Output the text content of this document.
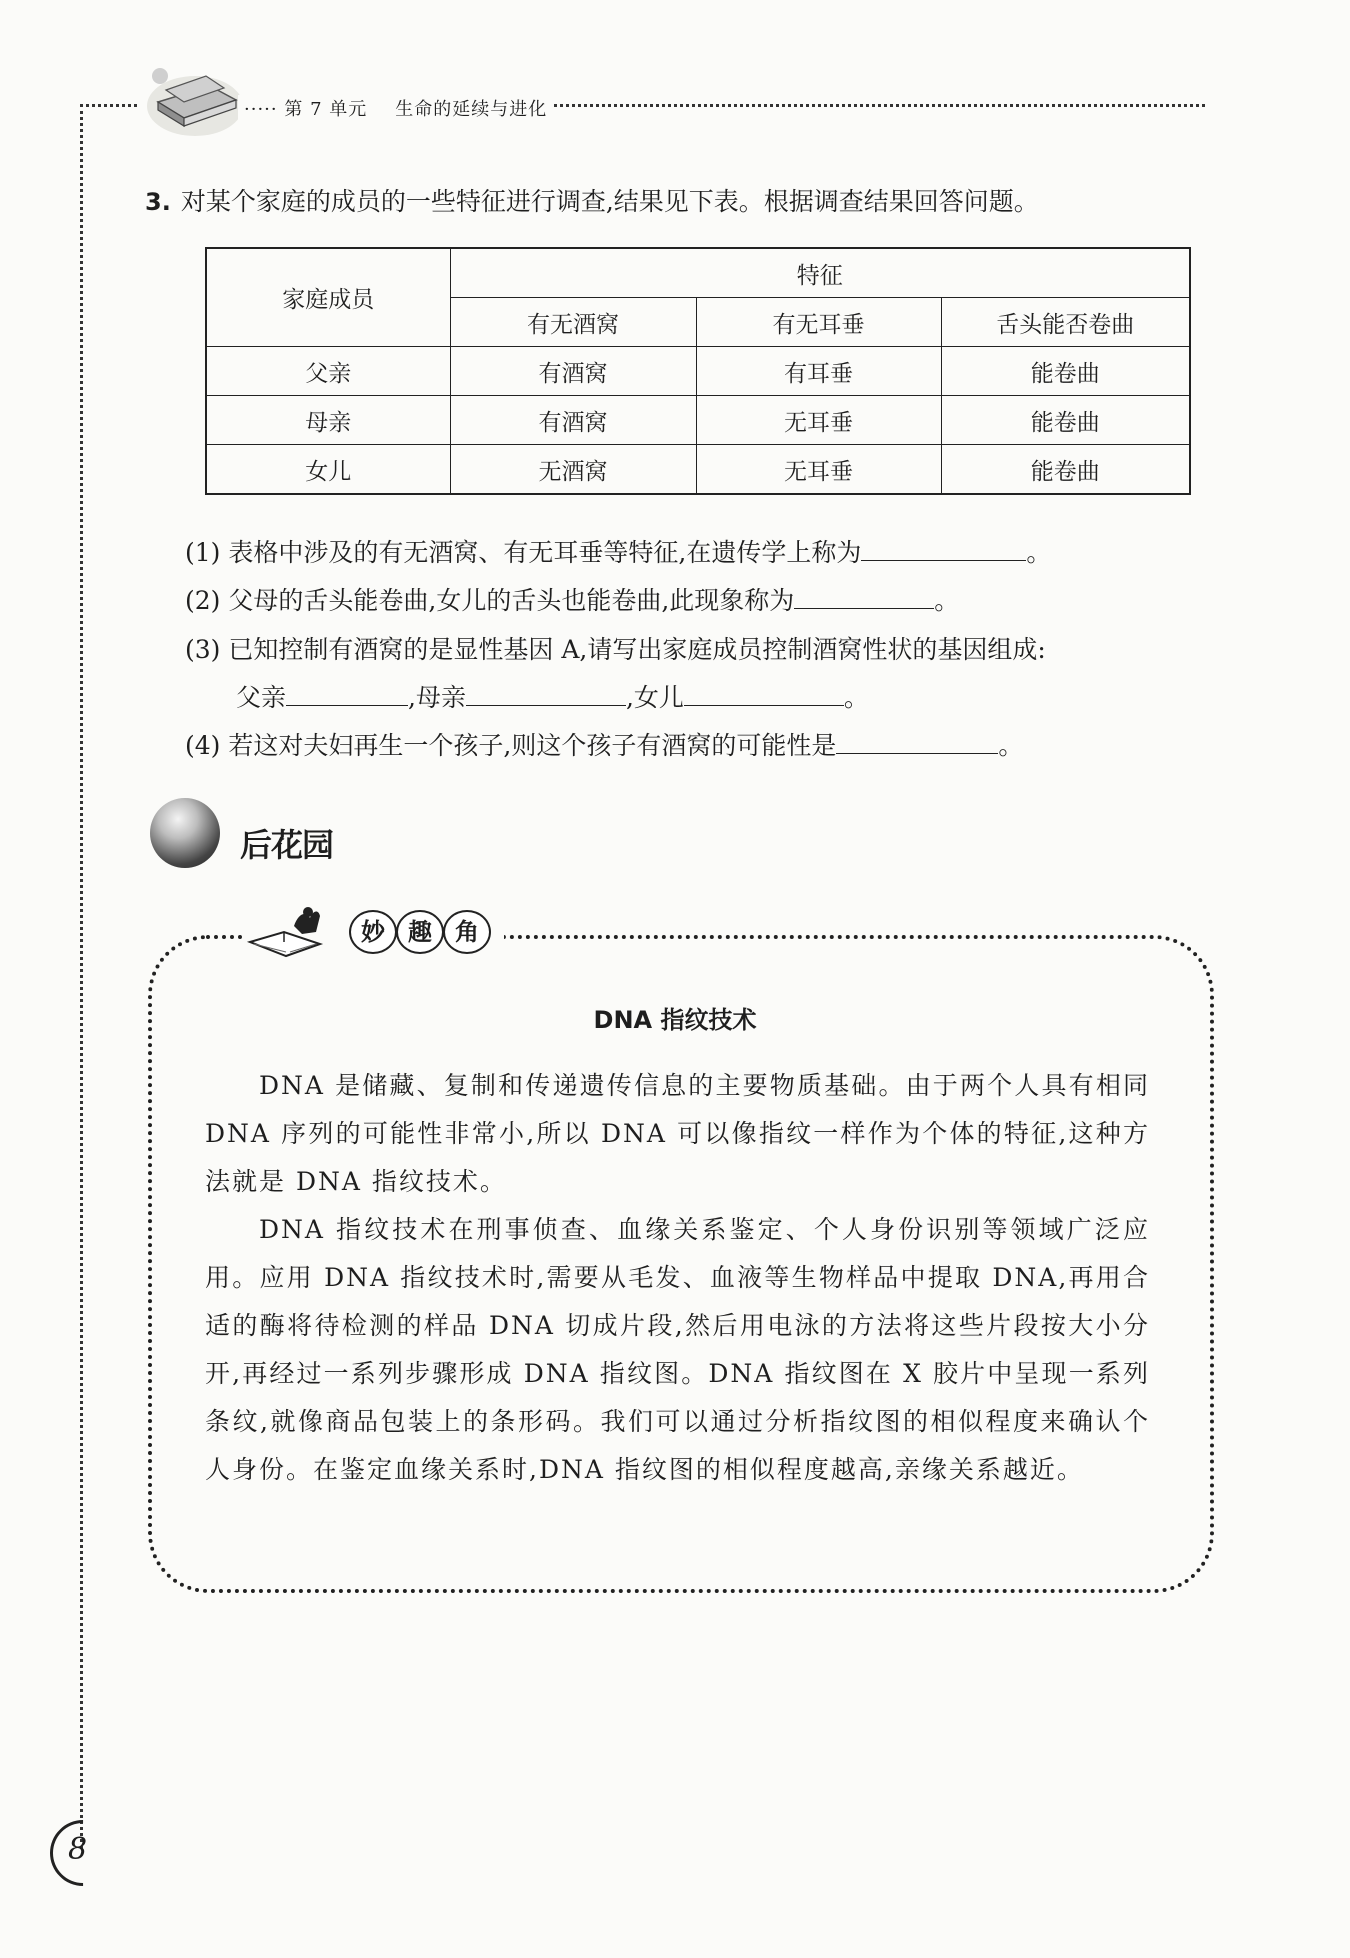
····· 第 7 单元 生命的延续与进化
3. 对某个家庭的成员的一些特征进行调查,结果见下表。根据调查结果回答问题。
家庭成员	特征		
	有无酒窝	有无耳垂	舌头能否卷曲
父亲	有酒窝	有耳垂	能卷曲
母亲	有酒窝	无耳垂	能卷曲
女儿	无酒窝	无耳垂	能卷曲
(1) 表格中涉及的有无酒窝、有无耳垂等特征,在遗传学上称为	。
(2) 父母的舌头能卷曲,女儿的舌头也能卷曲,此现象称为	。
(3) 已知控制有酒窝的是显性基因 A,请写出家庭成员控制酒窝性状的基因组成:
父亲	,母亲	,女儿	。
(4) 若这对夫妇再生一个孩子,则这个孩子有酒窝的可能性是	。
后花园
妙 趣 角
DNA 指纹技术
DNA 是储藏、复制和传递遗传信息的主要物质基础。由于两个人具有相同 DNA 序列的可能性非常小,所以 DNA 可以像指纹一样作为个体的特征,这种方法就是 DNA 指纹技术。
DNA 指纹技术在刑事侦查、血缘关系鉴定、个人身份识别等领域广泛应用。应用 DNA 指纹技术时,需要从毛发、血液等生物样品中提取 DNA,再用合适的酶将待检测的样品 DNA 切成片段,然后用电泳的方法将这些片段按大小分开,再经过一系列步骤形成 DNA 指纹图。DNA 指纹图在 X 胶片中呈现一系列条纹,就像商品包装上的条形码。我们可以通过分析指纹图的相似程度来确认个人身份。在鉴定血缘关系时,DNA 指纹图的相似程度越高,亲缘关系越近。
8
